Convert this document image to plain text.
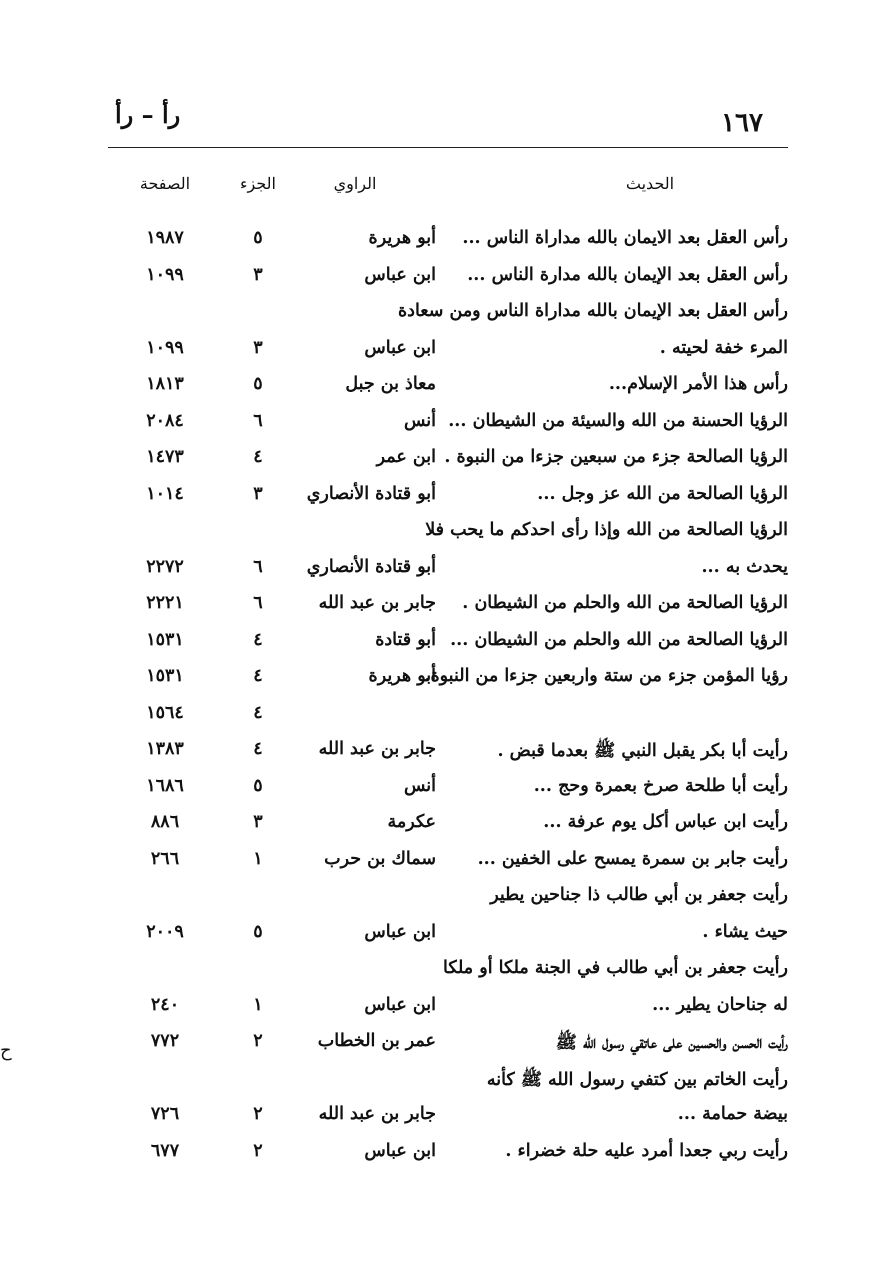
١٦٧
رأ – رأ
الحديث
الراوي
الجزء
الصفحة
رأس العقل بعد الايمان بالله مداراة الناس ...
أبو هريرة
٥
١٩٨٧
رأس العقل بعد الإيمان بالله مدارة الناس ...
ابن عباس
٣
١٠٩٩
رأس العقل بعد الإيمان بالله مداراة الناس ومن سعادة
المرء خفة لحيته .
ابن عباس
٣
١٠٩٩
رأس هذا الأمر الإسلام...
معاذ بن جبل
٥
١٨١٣
الرؤيا الحسنة من الله والسيئة من الشيطان ...
أنس
٦
٢٠٨٤
الرؤيا الصالحة جزء من سبعين جزءا من النبوة .
ابن عمر
٤
١٤٧٣
الرؤيا الصالحة من الله عز وجل ...
أبو قتادة الأنصاري
٣
١٠١٤
الرؤيا الصالحة من الله وإذا رأى احدكم ما يحب فلا
يحدث به ...
أبو قتادة الأنصاري
٦
٢٢٧٢
الرؤيا الصالحة من الله والحلم من الشيطان .
جابر بن عبد الله
٦
٢٢٢١
الرؤيا الصالحة من الله والحلم من الشيطان ...
أبو قتادة
٤
١٥٣١
رؤيا المؤمن جزء من ستة واربعين جزءا من النبوة.
أبو هريرة
٤
١٥٣١
٤
١٥٦٤
رأيت أبا بكر يقبل النبي ﷺ بعدما قبض .
جابر بن عبد الله
٤
١٣٨٣
رأيت أبا طلحة صرخ بعمرة وحج ...
أنس
٥
١٦٨٦
رأيت ابن عباس أكل يوم عرفة ...
عكرمة
٣
٨٨٦
رأيت جابر بن سمرة يمسح على الخفين ...
سماك بن حرب
١
٢٦٦
رأيت جعفر بن أبي طالب ذا جناحين يطير
حيث يشاء .
ابن عباس
٥
٢٠٠٩
رأيت جعفر بن أبي طالب في الجنة ملكا أو ملكا
له جناحان يطير ...
ابن عباس
١
٢٤٠
رأيت الحسن والحسين على عاتقي رسول الله ﷺ
عمر بن الخطاب
٢
٧٧٢
رأيت الخاتم بين كتفي رسول الله ﷺ كأنه
بيضة حمامة ...
جابر بن عبد الله
٢
٧٢٦
رأيت ربي جعدا أمرد عليه حلة خضراء .
ابن عباس
٢
٦٧٧
ح
